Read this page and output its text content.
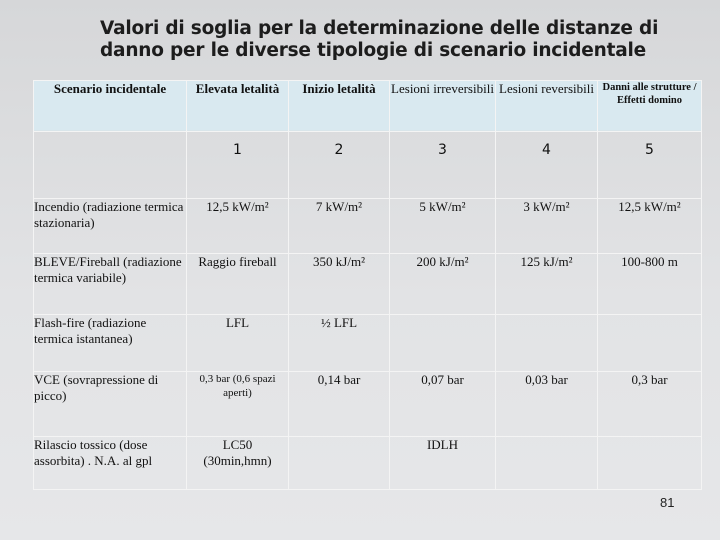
Valori di soglia per la determinazione delle distanze di
danno per le diverse tipologie di scenario incidentale
Scenario incidentale	Elevata letalità	Inizio letalità	Lesioni irreversibili	Lesioni reversibili	Danni alle strutture / Effetti domino
	1	2	3	4	5
Incendio (radiazione termica stazionaria)	12,5 kW/m²	7 kW/m²	5 kW/m²	3 kW/m²	12,5 kW/m²
BLEVE/Fireball (radiazione termica variabile)	Raggio fireball	350 kJ/m²	200 kJ/m²	125 kJ/m²	100-800 m
Flash-fire (radiazione termica istantanea)	LFL	½ LFL			
VCE (sovrapressione di picco)	0,3 bar (0,6 spazi aperti)	0,14 bar	0,07 bar	0,03 bar	0,3 bar
Rilascio tossico (dose assorbita) . N.A. al gpl	LC50 (30min,hmn)		IDLH		
81
